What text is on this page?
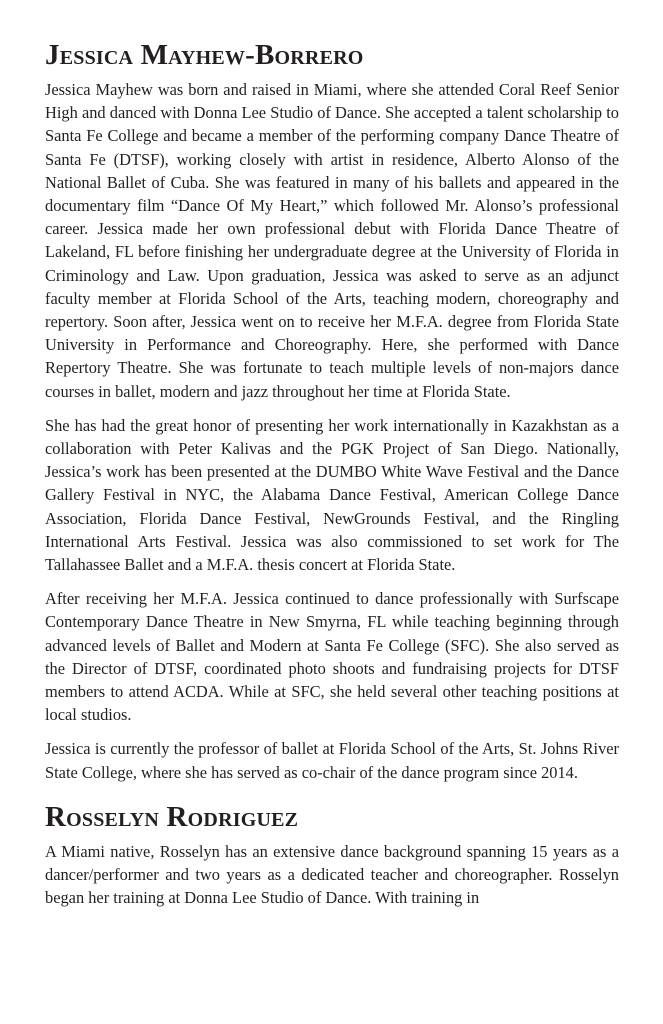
Jessica Mayhew-Borrero

Jessica Mayhew was born and raised in Miami, where she attended Coral Reef Senior High and danced with Donna Lee Studio of Dance. She accepted a talent scholarship to Santa Fe College and became a member of the performing company Dance Theatre of Santa Fe (DTSF), working closely with artist in residence, Alberto Alonso of the National Ballet of Cuba. She was featured in many of his ballets and appeared in the documentary film “Dance Of My Heart,” which followed Mr. Alonso’s professional career. Jessica made her own professional debut with Florida Dance Theatre of Lakeland, FL before finishing her undergraduate degree at the University of Florida in Criminology and Law. Upon graduation, Jessica was asked to serve as an adjunct faculty member at Florida School of the Arts, teaching modern, choreography and repertory. Soon after, Jessica went on to receive her M.F.A. degree from Florida State University in Performance and Choreography. Here, she performed with Dance Repertory Theatre. She was fortunate to teach multiple levels of non-majors dance courses in ballet, modern and jazz throughout her time at Florida State.

She has had the great honor of presenting her work internationally in Kazakhstan as a collaboration with Peter Kalivas and the PGK Project of San Diego. Nationally, Jessica’s work has been presented at the DUMBO White Wave Festival and the Dance Gallery Festival in NYC, the Alabama Dance Festival, American College Dance Association, Florida Dance Festival, NewGrounds Festival, and the Ringling International Arts Festival. Jessica was also commissioned to set work for The Tallahassee Ballet and a M.F.A. thesis concert at Florida State.

After receiving her M.F.A. Jessica continued to dance professionally with Surfscape Contemporary Dance Theatre in New Smyrna, FL while teaching beginning through advanced levels of Ballet and Modern at Santa Fe College (SFC). She also served as the Director of DTSF, coordinated photo shoots and fundraising projects for DTSF members to attend ACDA. While at SFC, she held several other teaching positions at local studios.

Jessica is currently the professor of ballet at Florida School of the Arts, St. Johns River State College, where she has served as co-chair of the dance program since 2014.

Rosselyn Rodriguez

A Miami native, Rosselyn has an extensive dance background spanning 15 years as a dancer/performer and two years as a dedicated teacher and choreographer. Rosselyn began her training at Donna Lee Studio of Dance. With training in
